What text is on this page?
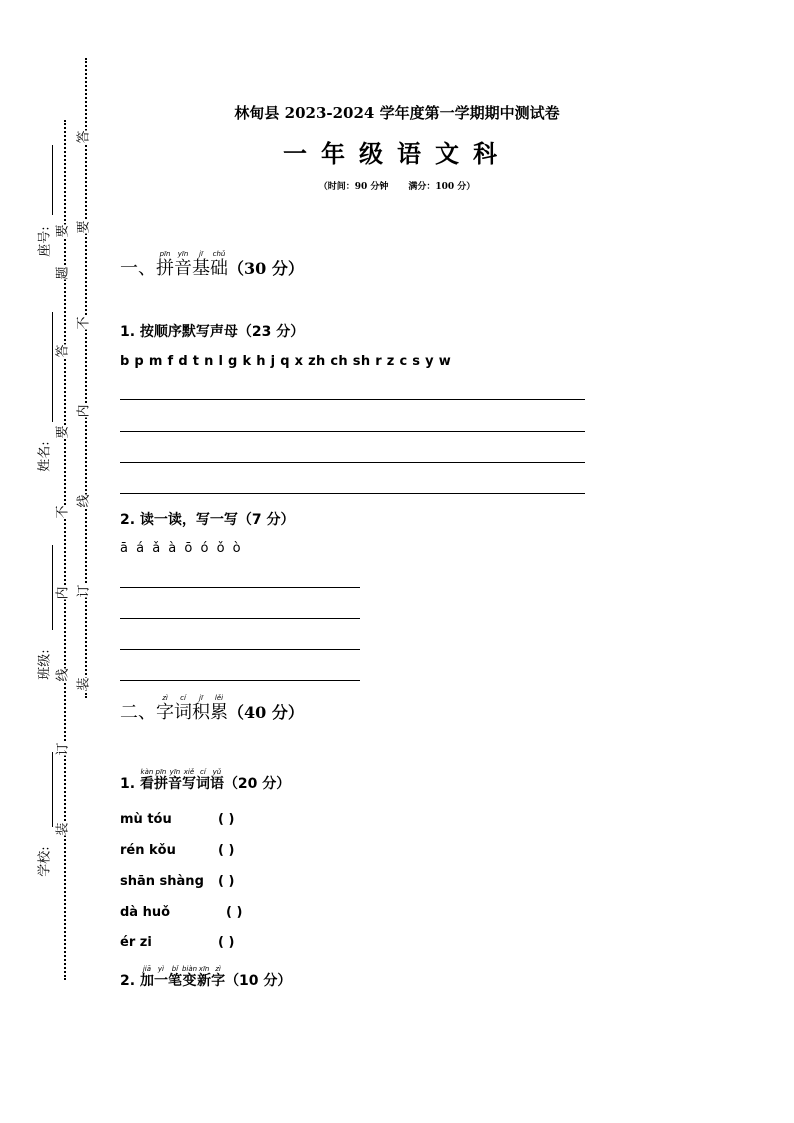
座号:
姓名:
班级:
学校:
要
题
答
要
不
内
线
订
装
答
要
不
内
线
订
装
林甸县 2023-2024 学年度第一学期期中测试卷
一年级语文科
（时间：90 分钟 满分：100 分）
一、拼pīn音yīn基jī础chǔ（30 分）
1. 按顺序默写声母（23 分）
b p m f d t n l g k h j q x zh ch sh r z c s y w
2. 读一读，写一写（7 分）
ā á ǎ à ō ó ǒ ò
二、字zì词cí积jī累lěi（40 分）
1. 看kàn拼pīn音yīn写xiě词cí语yǔ（20 分）
mù tóu	( )
rén kǒu	( )
shān shàng ( )
dà huǒ	( )
ér zi	( )
2. 加jiā一yì笔bǐ变biàn新xīn字zì（10 分）
